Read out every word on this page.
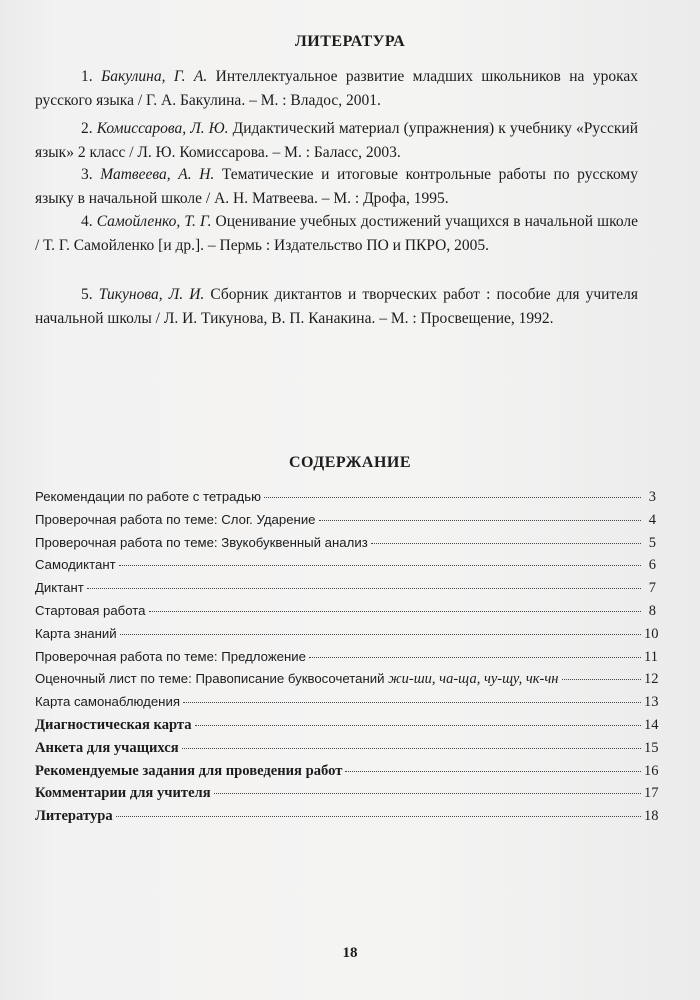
ЛИТЕРАТУРА

1. Бакулина, Г. А. Интеллектуальное развитие младших школьников на уроках русского языка / Г. А. Бакулина. – М. : Владос, 2001.

2. Комиссарова, Л. Ю. Дидактический материал (упражнения) к учебнику «Русский язык» 2 класс / Л. Ю. Комиссарова. – М. : Баласс, 2003.

3. Матвеева, А. Н. Тематические и итоговые контрольные работы по русскому языку в начальной школе / А. Н. Матвеева. – М. : Дрофа, 1995.

4. Самойленко, Т. Г. Оценивание учебных достижений учащихся в начальной школе / Т. Г. Самойленко [и др.]. – Пермь : Издательство ПО и ПКРО, 2005.

5. Тикунова, Л. И. Сборник диктантов и творческих работ : пособие для учителя начальной школы / Л. И. Тикунова, В. П. Канакина. – М. : Просвещение, 1992.

СОДЕРЖАНИЕ
Рекомендации по работе с тетрадью	3
Проверочная работа по теме: Слог. Ударение	4
Проверочная работа по теме: Звукобуквенный анализ	5
Самодиктант	6
Диктант	7
Стартовая работа	8
Карта знаний	10
Проверочная работа по теме: Предложение	11
Оценочный лист по теме: Правописание буквосочетаний жи-ши, ча-ща, чу-щу, чк-чн	12
Карта самонаблюдения	13
Диагностическая карта	14
Анкета для учащихся	15
Рекомендуемые задания для проведения работ	16
Комментарии для учителя	17
Литература	18
18
